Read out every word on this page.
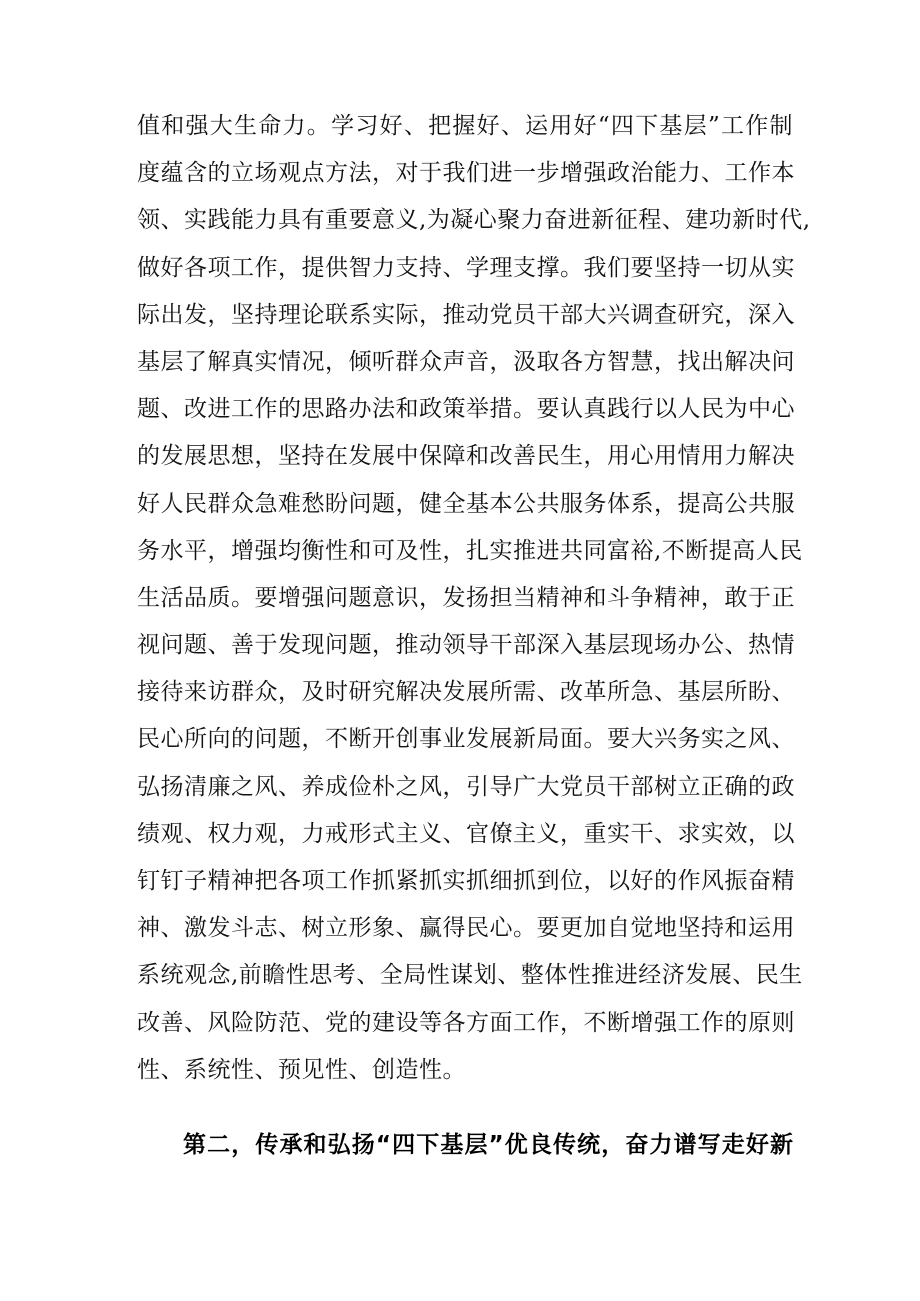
值和强大生命力。学习好、把握好、运用好“四下基层”工作制
度蕴含的立场观点方法，对于我们进一步增强政治能力、工作本
领、实践能力具有重要意义,为凝心聚力奋进新征程、建功新时代,
做好各项工作，提供智力支持、学理支撑。我们要坚持一切从实
际出发，坚持理论联系实际，推动党员干部大兴调查研究，深入
基层了解真实情况，倾听群众声音，汲取各方智慧，找出解决问
题、改进工作的思路办法和政策举措。要认真践行以人民为中心
的发展思想，坚持在发展中保障和改善民生，用心用情用力解决
好人民群众急难愁盼问题，健全基本公共服务体系，提高公共服
务水平，增强均衡性和可及性，扎实推进共同富裕,不断提高人民
生活品质。要增强问题意识，发扬担当精神和斗争精神，敢于正
视问题、善于发现问题，推动领导干部深入基层现场办公、热情
接待来访群众，及时研究解决发展所需、改革所急、基层所盼、
民心所向的问题，不断开创事业发展新局面。要大兴务实之风、
弘扬清廉之风、养成俭朴之风，引导广大党员干部树立正确的政
绩观、权力观，力戒形式主义、官僚主义，重实干、求实效，以
钉钉子精神把各项工作抓紧抓实抓细抓到位，以好的作风振奋精
神、激发斗志、树立形象、赢得民心。要更加自觉地坚持和运用
系统观念,前瞻性思考、全局性谋划、整体性推进经济发展、民生
改善、风险防范、党的建设等各方面工作，不断增强工作的原则
性、系统性、预见性、创造性。
第二，传承和弘扬“四下基层”优良传统，奋力谱写走好新
